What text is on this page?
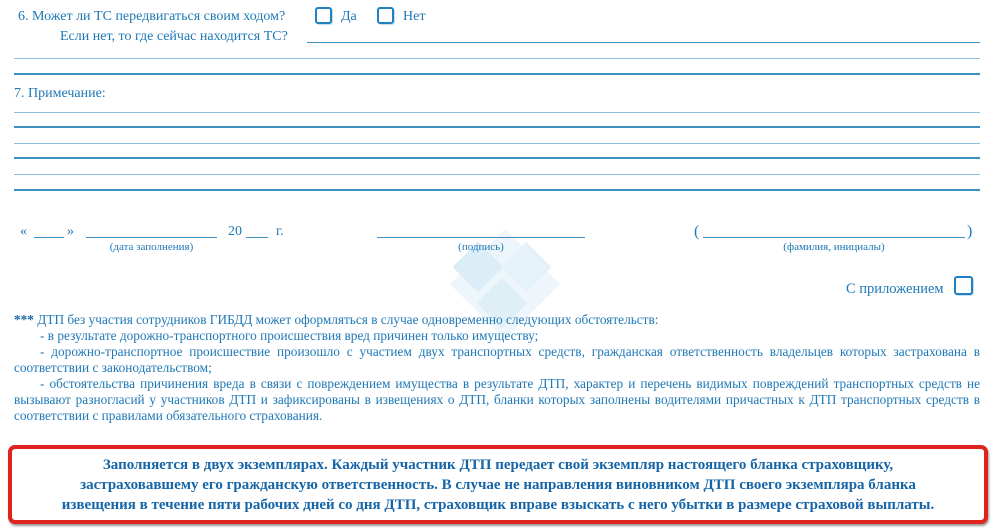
6. Может ли ТС передвигаться своим ходом?	Да	Нет
Если нет, то где сейчас находится ТС?
7. Примечание:
«	»
(дата заполнения)
20 г.
(подпись)
(	)
(фамилия, инициалы)
С приложением

*** ДТП без участия сотрудников ГИБДД может оформляться в случае одновременно следующих обстоятельств:

- в результате дорожно-транспортного происшествия вред причинен только имуществу;

- дорожно-транспортное происшествие произошло с участием двух транспортных средств, гражданская ответственность владельцев которых застрахована в соответствии с законодательством;

- обстоятельства причинения вреда в связи с повреждением имущества в результате ДТП, характер и перечень видимых повреждений транспортных средств не вызывают разногласий у участников ДТП и зафиксированы в извещениях о ДТП, бланки которых заполнены водителями причастных к ДТП транспортных средств в соответствии с правилами обязательного страхования.

Заполняется в двух экземплярах. Каждый участник ДТП передает свой экземпляр настоящего бланка страховщику, застраховавшему его гражданскую ответственность. В случае не направления виновником ДТП своего экземпляра бланка извещения в течение пяти рабочих дней со дня ДТП, страховщик вправе взыскать с него убытки в размере страховой выплаты.
